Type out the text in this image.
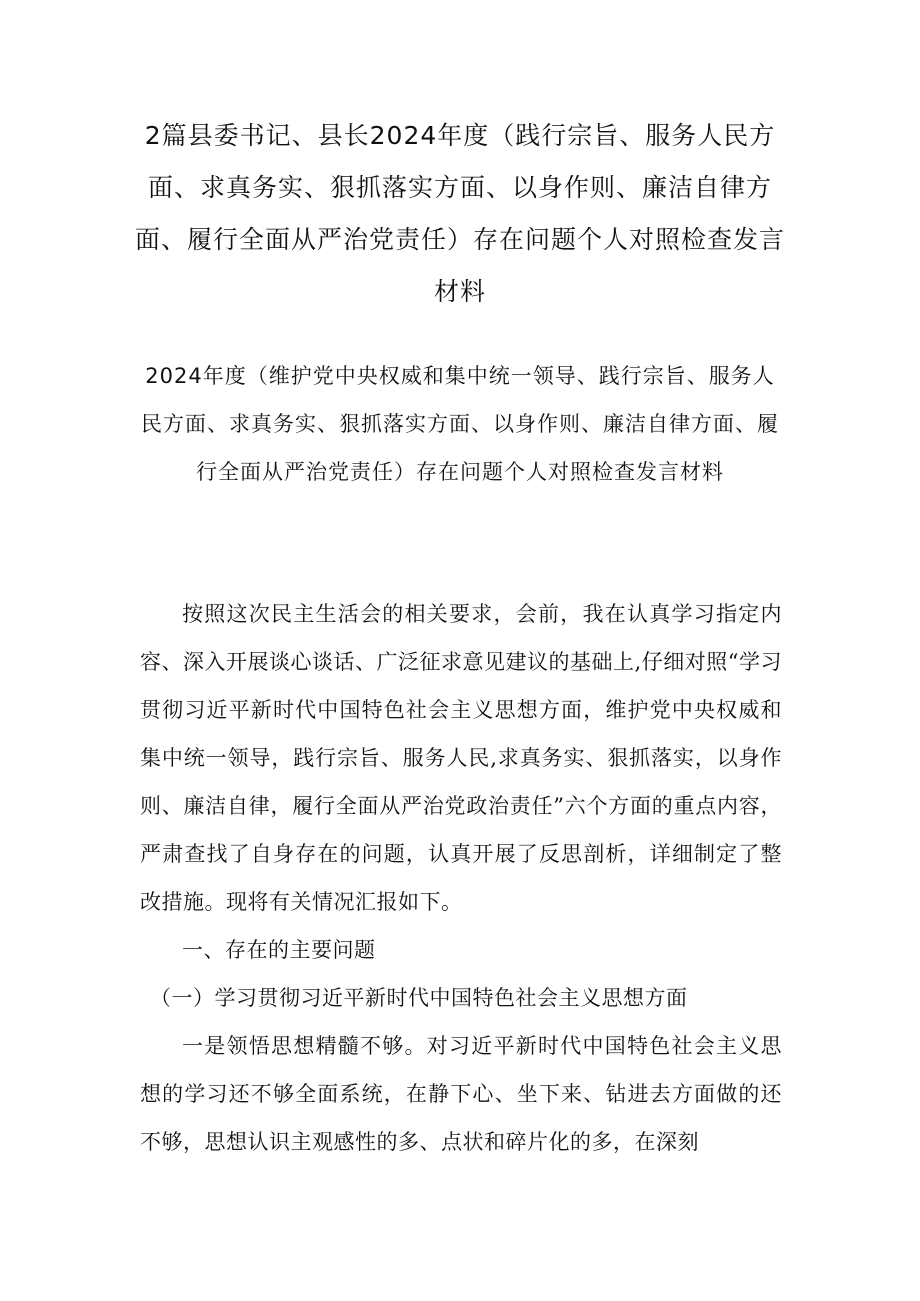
2篇县委书记、县长2024年度（践行宗旨、服务人民方面、求真务实、狠抓落实方面、以身作则、廉洁自律方面、履行全面从严治党责任）存在问题个人对照检查发言材料
2024年度（维护党中央权威和集中统一领导、践行宗旨、服务人民方面、求真务实、狠抓落实方面、以身作则、廉洁自律方面、履行全面从严治党责任）存在问题个人对照检查发言材料

按照这次民主生活会的相关要求，会前，我在认真学习指定内容、深入开展谈心谈话、广泛征求意见建议的基础上,仔细对照“学习贯彻习近平新时代中国特色社会主义思想方面，维护党中央权威和集中统一领导，践行宗旨、服务人民,求真务实、狠抓落实，以身作则、廉洁自律，履行全面从严治党政治责任”六个方面的重点内容，严肃查找了自身存在的问题，认真开展了反思剖析，详细制定了整改措施。现将有关情况汇报如下。

一、存在的主要问题

（一）学习贯彻习近平新时代中国特色社会主义思想方面

一是领悟思想精髓不够。对习近平新时代中国特色社会主义思想的学习还不够全面系统，在静下心、坐下来、钻进去方面做的还不够，思想认识主观感性的多、点状和碎片化的多，在深刻
